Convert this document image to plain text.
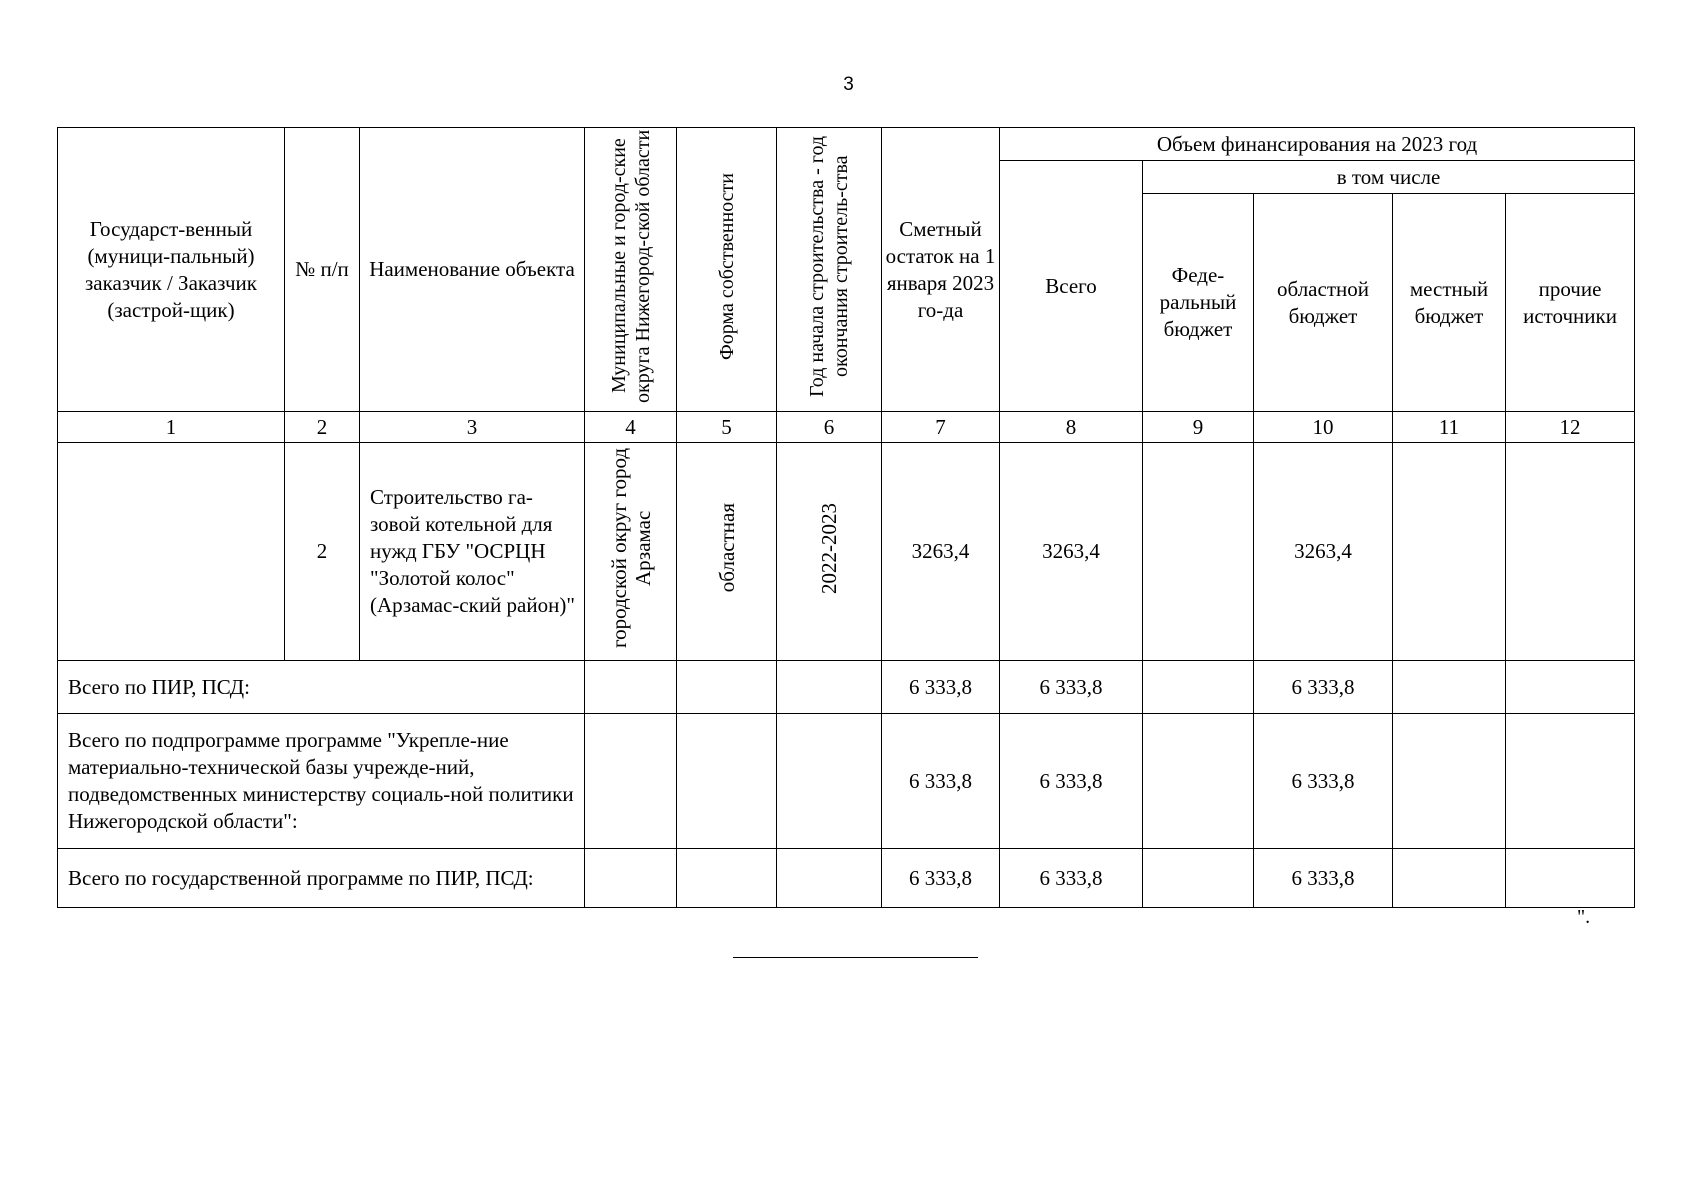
3
Государст-венный (муници-пальный) заказчик / Заказчик (застрой-щик)	№ п/п	Наименование объекта	Муниципальные и город-ские округа Нижегород-ской области	Форма собственности	Год начала строительства - год окончания строитель-ства	Сметный остаток на 1 января 2023 го-да	Объем финансирования на 2023 год				
							Всего	в том числе			
								Феде-ральный бюджет	областной бюджет	местный бюджет	прочие источники
1	2	3	4	5	6	7	8	9	10	11	12
	2	Строительство га-зовой котельной для нужд ГБУ "ОСРЦН "Золотой колос" (Арзамас-ский район)"	городской округ город Арзамас	областная	2022-2023	3263,4	3263,4		3263,4		
Всего по ПИР, ПСД:						6 333,8	6 333,8		6 333,8		
Всего по подпрограмме программе "Укрепле-ние материально-технической базы учрежде-ний, подведомственных министерству социаль-ной политики Нижегородской области":						6 333,8	6 333,8		6 333,8		
Всего по государственной программе по ПИР, ПСД:						6 333,8	6 333,8		6 333,8		
".
